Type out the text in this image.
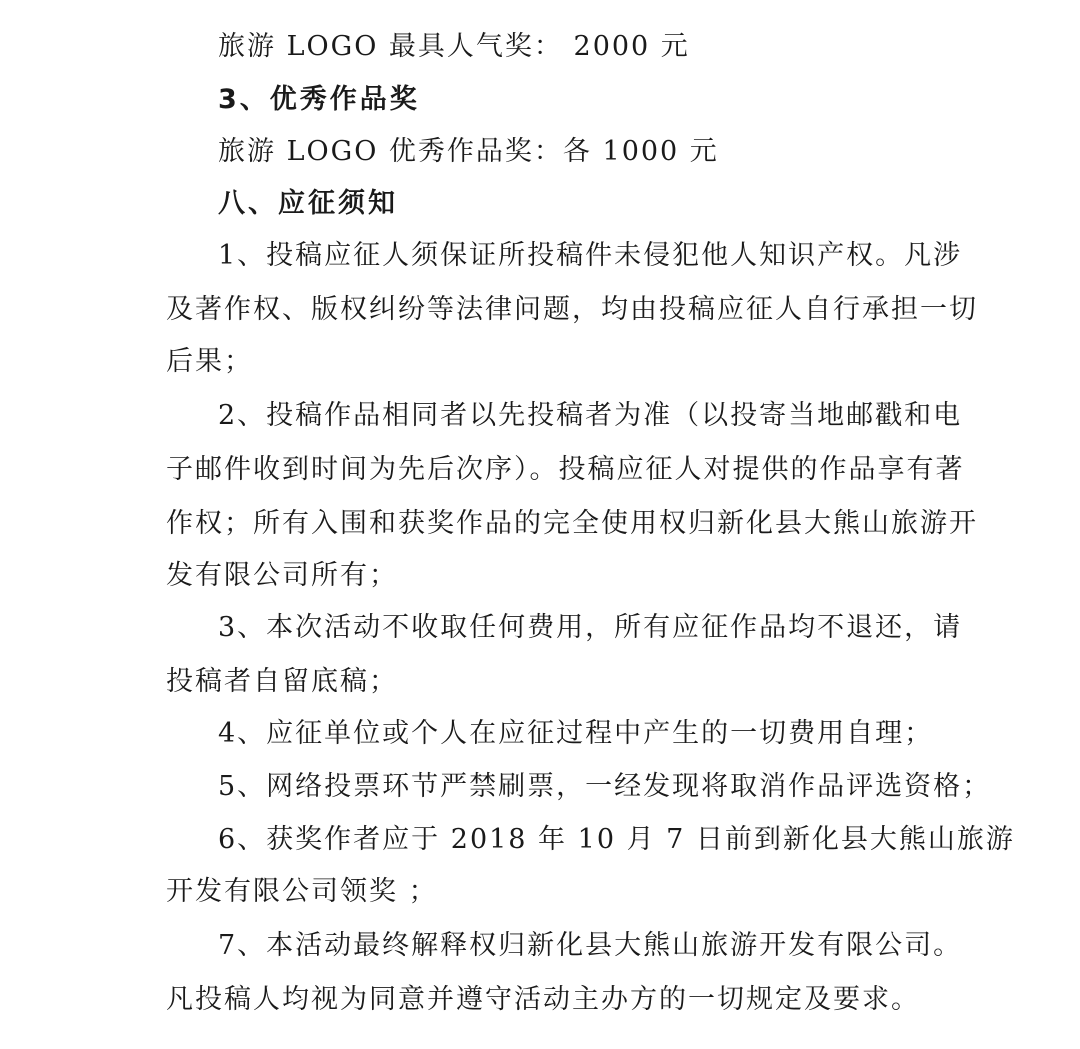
旅游 LOGO 最具人气奖： 2000 元
3、优秀作品奖
旅游 LOGO 优秀作品奖：各 1000 元
八、应征须知
1、投稿应征人须保证所投稿件未侵犯他人知识产权。凡涉
及著作权、版权纠纷等法律问题，均由投稿应征人自行承担一切
后果；
2、投稿作品相同者以先投稿者为准（以投寄当地邮戳和电
子邮件收到时间为先后次序）。投稿应征人对提供的作品享有著
作权；所有入围和获奖作品的完全使用权归新化县大熊山旅游开
发有限公司所有；
3、本次活动不收取任何费用，所有应征作品均不退还，请
投稿者自留底稿；
4、应征单位或个人在应征过程中产生的一切费用自理；
5、网络投票环节严禁刷票，一经发现将取消作品评选资格；
6、获奖作者应于 2018 年 10 月 7 日前到新化县大熊山旅游
开发有限公司领奖 ；
7、本活动最终解释权归新化县大熊山旅游开发有限公司。
凡投稿人均视为同意并遵守活动主办方的一切规定及要求。
